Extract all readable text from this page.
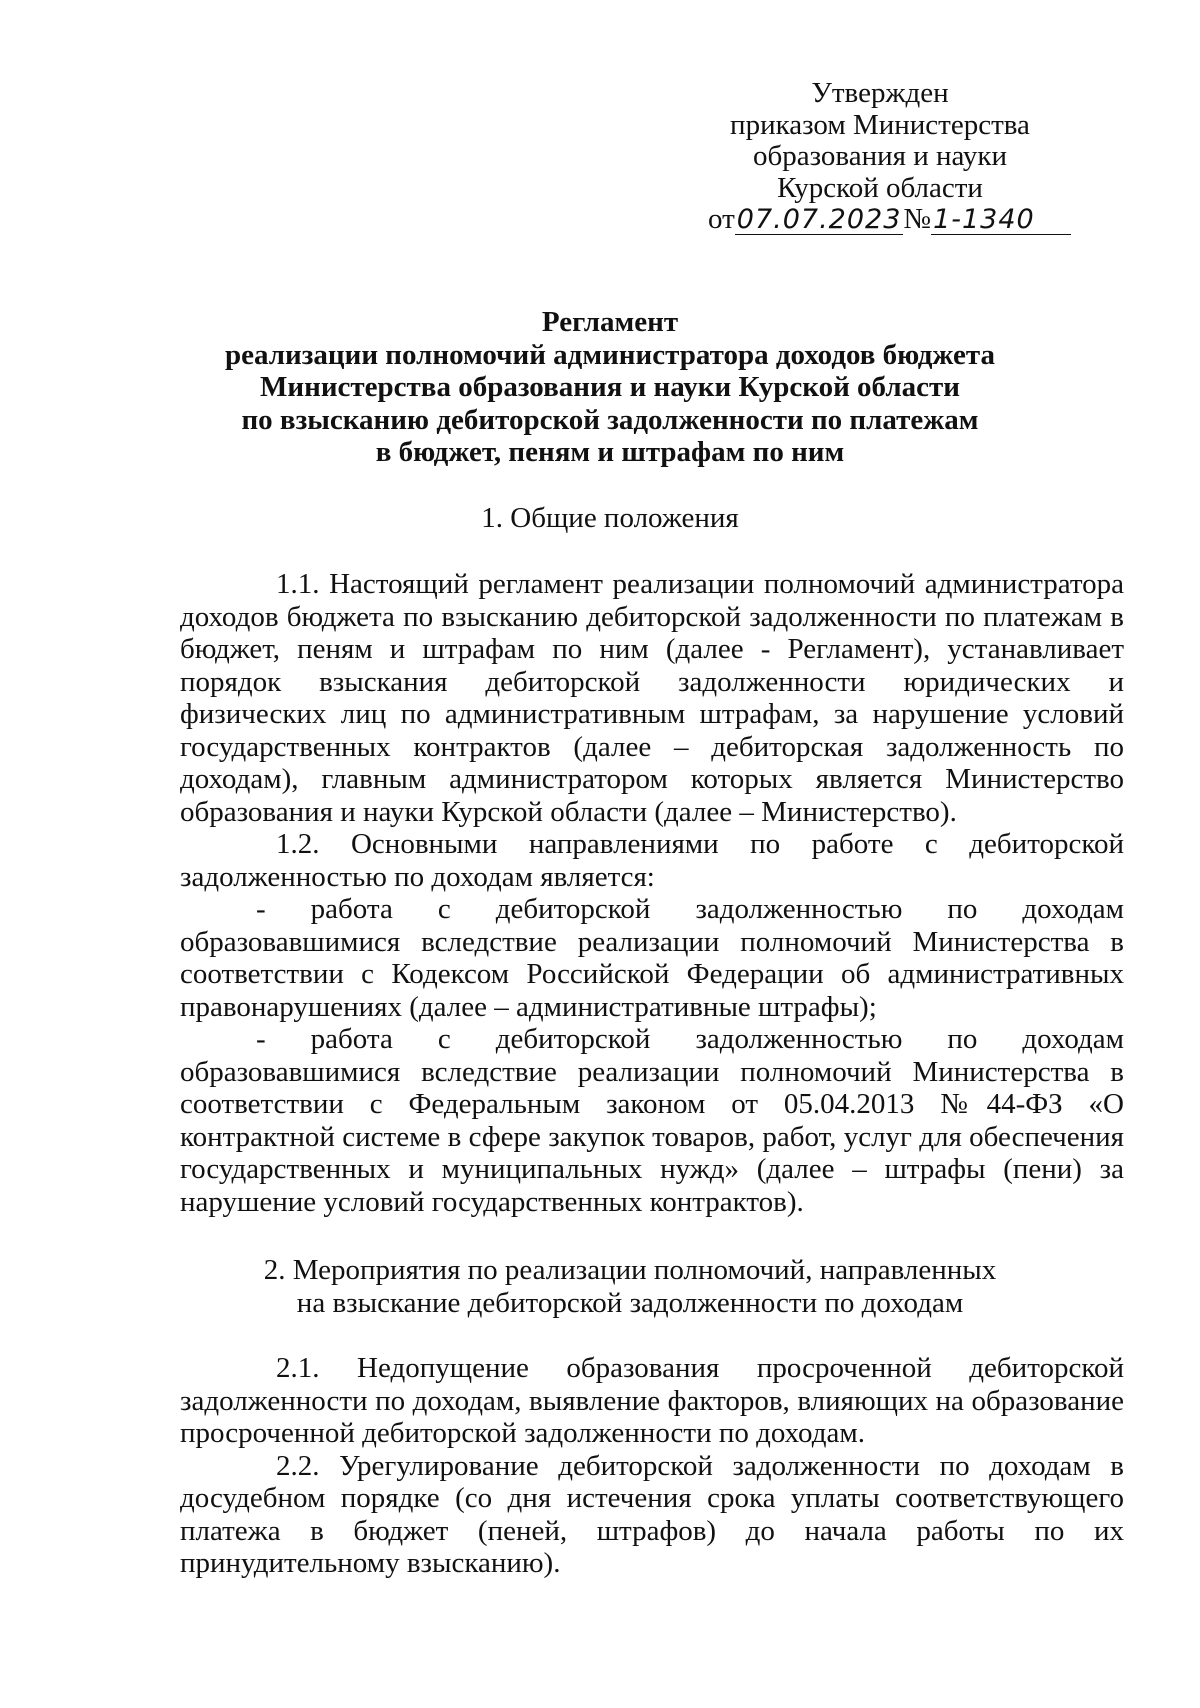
Утвержден
приказом Министерства
образования и науки
Курской области
от07.07.2023№1-1340
Регламент
реализации полномочий администратора доходов бюджета
Министерства образования и науки Курской области
по взысканию дебиторской задолженности по платежам
в бюджет, пеням и штрафам по ним
1. Общие положения

1.1. Настоящий регламент реализации полномочий администратора доходов бюджета по взысканию дебиторской задолженности по платежам в бюджет, пеням и штрафам по ним (далее - Регламент), устанавливает порядок взыскания дебиторской задолженности юридических и физических лиц по административным штрафам, за нарушение условий государственных контрактов (далее – дебиторская задолженность по доходам), главным администратором которых является Министерство образования и науки Курской области (далее – Министерство).

1.2. Основными направлениями по работе с дебиторской задолженностью по доходам является:

- работа с дебиторской задолженностью по доходам образовавшимися вследствие реализации полномочий Министерства в соответствии с Кодексом Российской Федерации об административных правонарушениях (далее – административные штрафы);

- работа с дебиторской задолженностью по доходам образовавшимися вследствие реализации полномочий Министерства в соответствии с Федеральным законом от 05.04.2013 №44-ФЗ «О контрактной системе в сфере закупок товаров, работ, услуг для обеспечения государственных и муниципальных нужд» (далее – штрафы (пени) за нарушение условий государственных контрактов).

2. Мероприятия по реализации полномочий, направленных
на взыскание дебиторской задолженности по доходам

2.1. Недопущение образования просроченной дебиторской задолженности по доходам, выявление факторов, влияющих на образование просроченной дебиторской задолженности по доходам.

2.2. Урегулирование дебиторской задолженности по доходам в досудебном порядке (со дня истечения срока уплаты соответствующего платежа в бюджет (пеней, штрафов) до начала работы по их принудительному взысканию).
